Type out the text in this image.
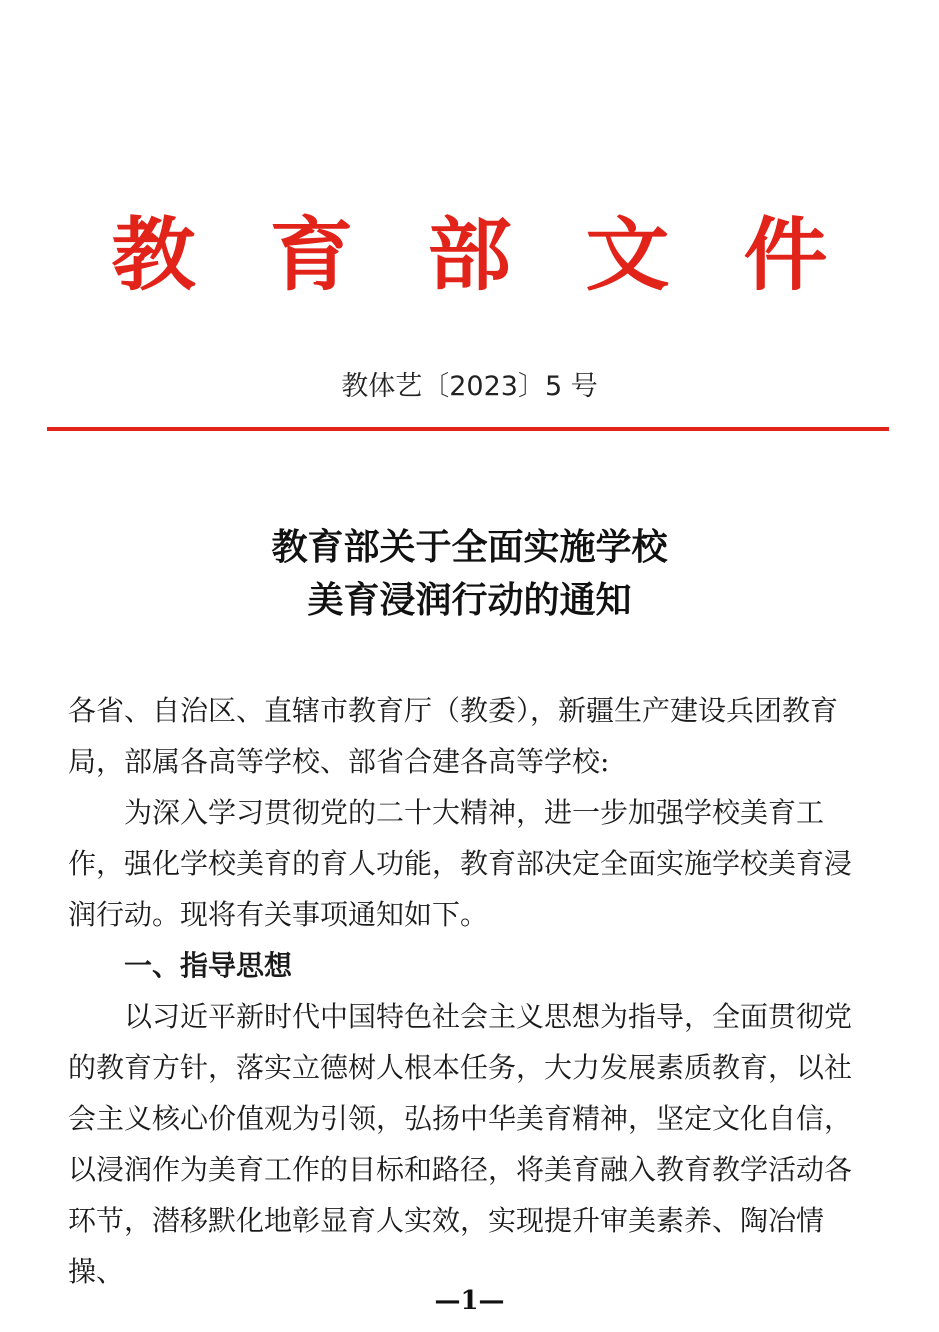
教 育 部 文 件
教体艺〔2023〕5 号
教育部关于全面实施学校
美育浸润行动的通知

各省、自治区、直辖市教育厅（教委），新疆生产建设兵团教育局，部属各高等学校、部省合建各高等学校:

为深入学习贯彻党的二十大精神，进一步加强学校美育工作，强化学校美育的育人功能，教育部决定全面实施学校美育浸润行动。现将有关事项通知如下。

一、指导思想

以习近平新时代中国特色社会主义思想为指导，全面贯彻党的教育方针，落实立德树人根本任务，大力发展素质教育，以社会主义核心价值观为引领，弘扬中华美育精神，坚定文化自信，以浸润作为美育工作的目标和路径，将美育融入教育教学活动各环节，潜移默化地彰显育人实效，实现提升审美素养、陶冶情操、

—1—
